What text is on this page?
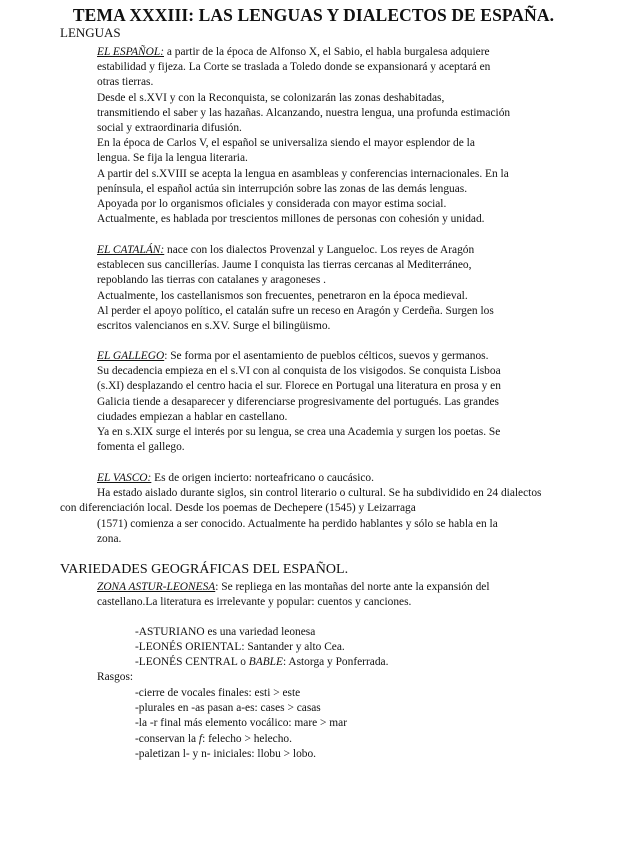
TEMA XXXIII: LAS LENGUAS Y DIALECTOS DE ESPAÑA.
LENGUAS
EL ESPAÑOL: a partir de la época de Alfonso X, el Sabio, el habla burgalesa adquiere
estabilidad y fijeza. La Corte se traslada a Toledo donde se expansionará y aceptará en
otras tierras.
Desde el s.XVI y con la Reconquista, se colonizarán las zonas deshabitadas,
transmitiendo el saber y las hazañas. Alcanzando, nuestra lengua, una profunda estimación
social y extraordinaria difusión.
En la época de Carlos V, el español se universaliza siendo el mayor esplendor de la
lengua. Se fija la lengua literaria.
A partir del s.XVIII se acepta la lengua en asambleas y conferencias internacionales. En la
península, el español actúa sin interrupción sobre las zonas de las demás lenguas.
Apoyada por lo organismos oficiales y considerada con mayor estima social.
Actualmente, es hablada por trescientos millones de personas con cohesión y unidad.
EL CATALÁN: nace con los dialectos Provenzal y Langueloc. Los reyes de Aragón
establecen sus cancillerías. Jaume I conquista las tierras cercanas al Mediterráneo,
repoblando las tierras con catalanes y aragoneses .
Actualmente, los castellanismos son frecuentes, penetraron en la época medieval.
Al perder el apoyo político, el catalán sufre un receso en Aragón y Cerdeña. Surgen los
escritos valencianos en s.XV. Surge el bilingüismo.
EL GALLEGO: Se forma por el asentamiento de pueblos célticos, suevos y germanos.
Su decadencia empieza en el s.VI con al conquista de los visigodos. Se conquista Lisboa
(s.XI) desplazando el centro hacia el sur. Florece en Portugal una literatura en prosa y en
Galicia tiende a desaparecer y diferenciarse progresivamente del portugués. Las grandes
ciudades empiezan a hablar en castellano.
Ya en s.XIX surge el interés por su lengua, se crea una Academia y surgen los poetas. Se
fomenta el gallego.
EL VASCO: Es de origen incierto: norteafricano o caucásico.
Ha estado aislado durante siglos, sin control literario o cultural. Se ha subdividido en 24 dialectos
con diferenciación local. Desde los poemas de Dechepere (1545) y Leizarraga
(1571) comienza a ser conocido. Actualmente ha perdido hablantes y sólo se habla en la
zona.
VARIEDADES GEOGRÁFICAS DEL ESPAÑOL.
ZONA ASTUR-LEONESA: Se repliega en las montañas del norte ante la expansión del
castellano.La literatura es irrelevante y popular: cuentos y canciones.
-ASTURIANO es una variedad leonesa
-LEONÉS ORIENTAL: Santander y alto Cea.
-LEONÉS CENTRAL o BABLE: Astorga y Ponferrada.
Rasgos:
-cierre de vocales finales: esti > este
-plurales en -as pasan a-es: cases > casas
-la -r final más elemento vocálico: mare > mar
-conservan la f: felecho > helecho.
-paletizan l- y n- iniciales: llobu > lobo.
